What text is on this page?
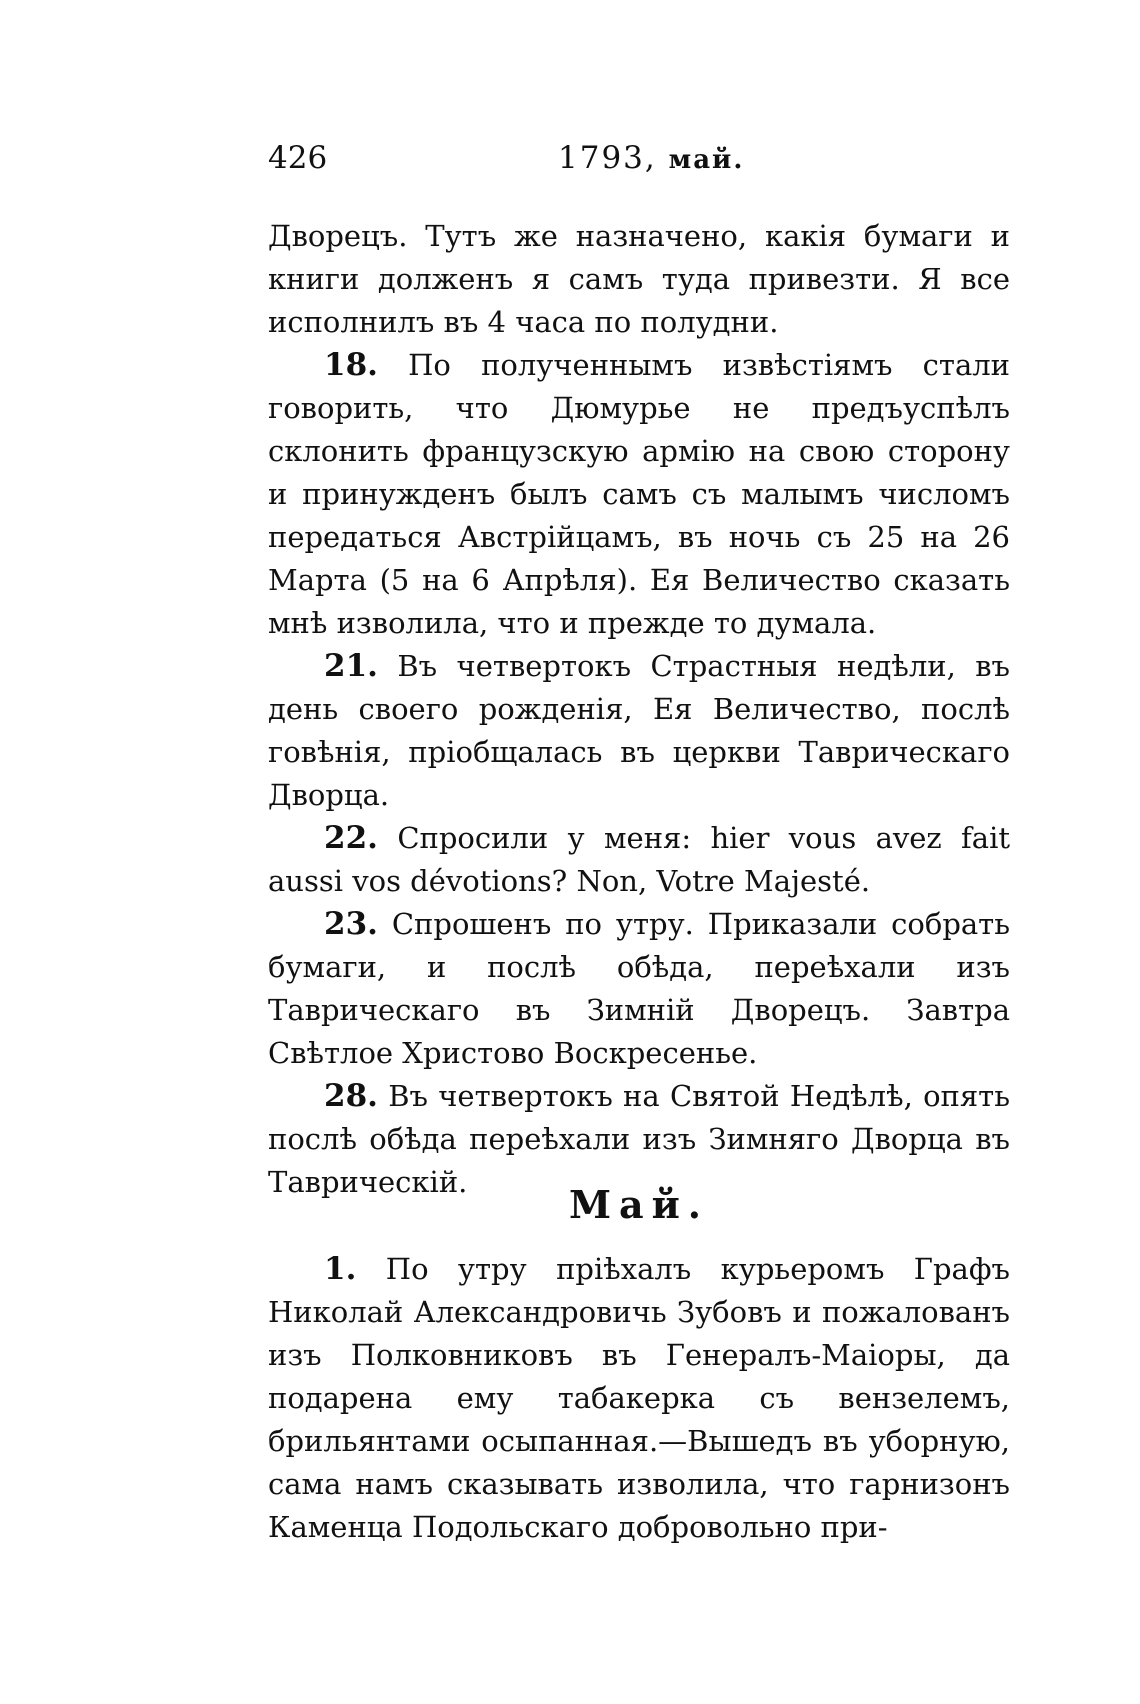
426	1793, май.

Дворецъ. Тутъ же назначено, какія бумаги и книги долженъ я самъ туда привезти. Я все исполнилъ въ 4 часа по полудни.

18. По полученнымъ извѣстіямъ стали говорить, что Дюмурье не предъуспѣлъ склонить французскую армію на свою сторону и принужденъ былъ самъ съ малымъ числомъ передаться Австрійцамъ, въ ночь съ 25 на 26 Марта (5 на 6 Апрѣля). Ея Величество сказать мнѣ изволила, что и прежде то думала.

21. Въ четвертокъ Страстныя недѣли, въ день своего рожденія, Ея Величество, послѣ говѣнія, пріобщалась въ церкви Таврическаго Дворца.

22. Спросили у меня: hier vous avez fait aussi vos dévotions? Non, Votre Majesté.

23. Спрошенъ по утру. Приказали собрать бумаги, и послѣ обѣда, переѣхали изъ Таврическаго въ Зимній Дворецъ. Завтра Свѣтлое Христово Воскресенье.

28. Въ четвертокъ на Святой Недѣлѣ, опять послѣ обѣда переѣхали изъ Зимняго Дворца въ Таврическій.	Май.

1. По утру пріѣхалъ курьеромъ Графъ Николай Александровичь Зубовъ и пожалованъ изъ Полковниковъ въ Генералъ-Маіоры, да подарена ему табакерка съ вензелемъ, брильянтами осыпанная.—Вышедъ въ уборную, сама намъ сказывать изволила, что гарнизонъ Каменца Подольскаго добровольно при-
